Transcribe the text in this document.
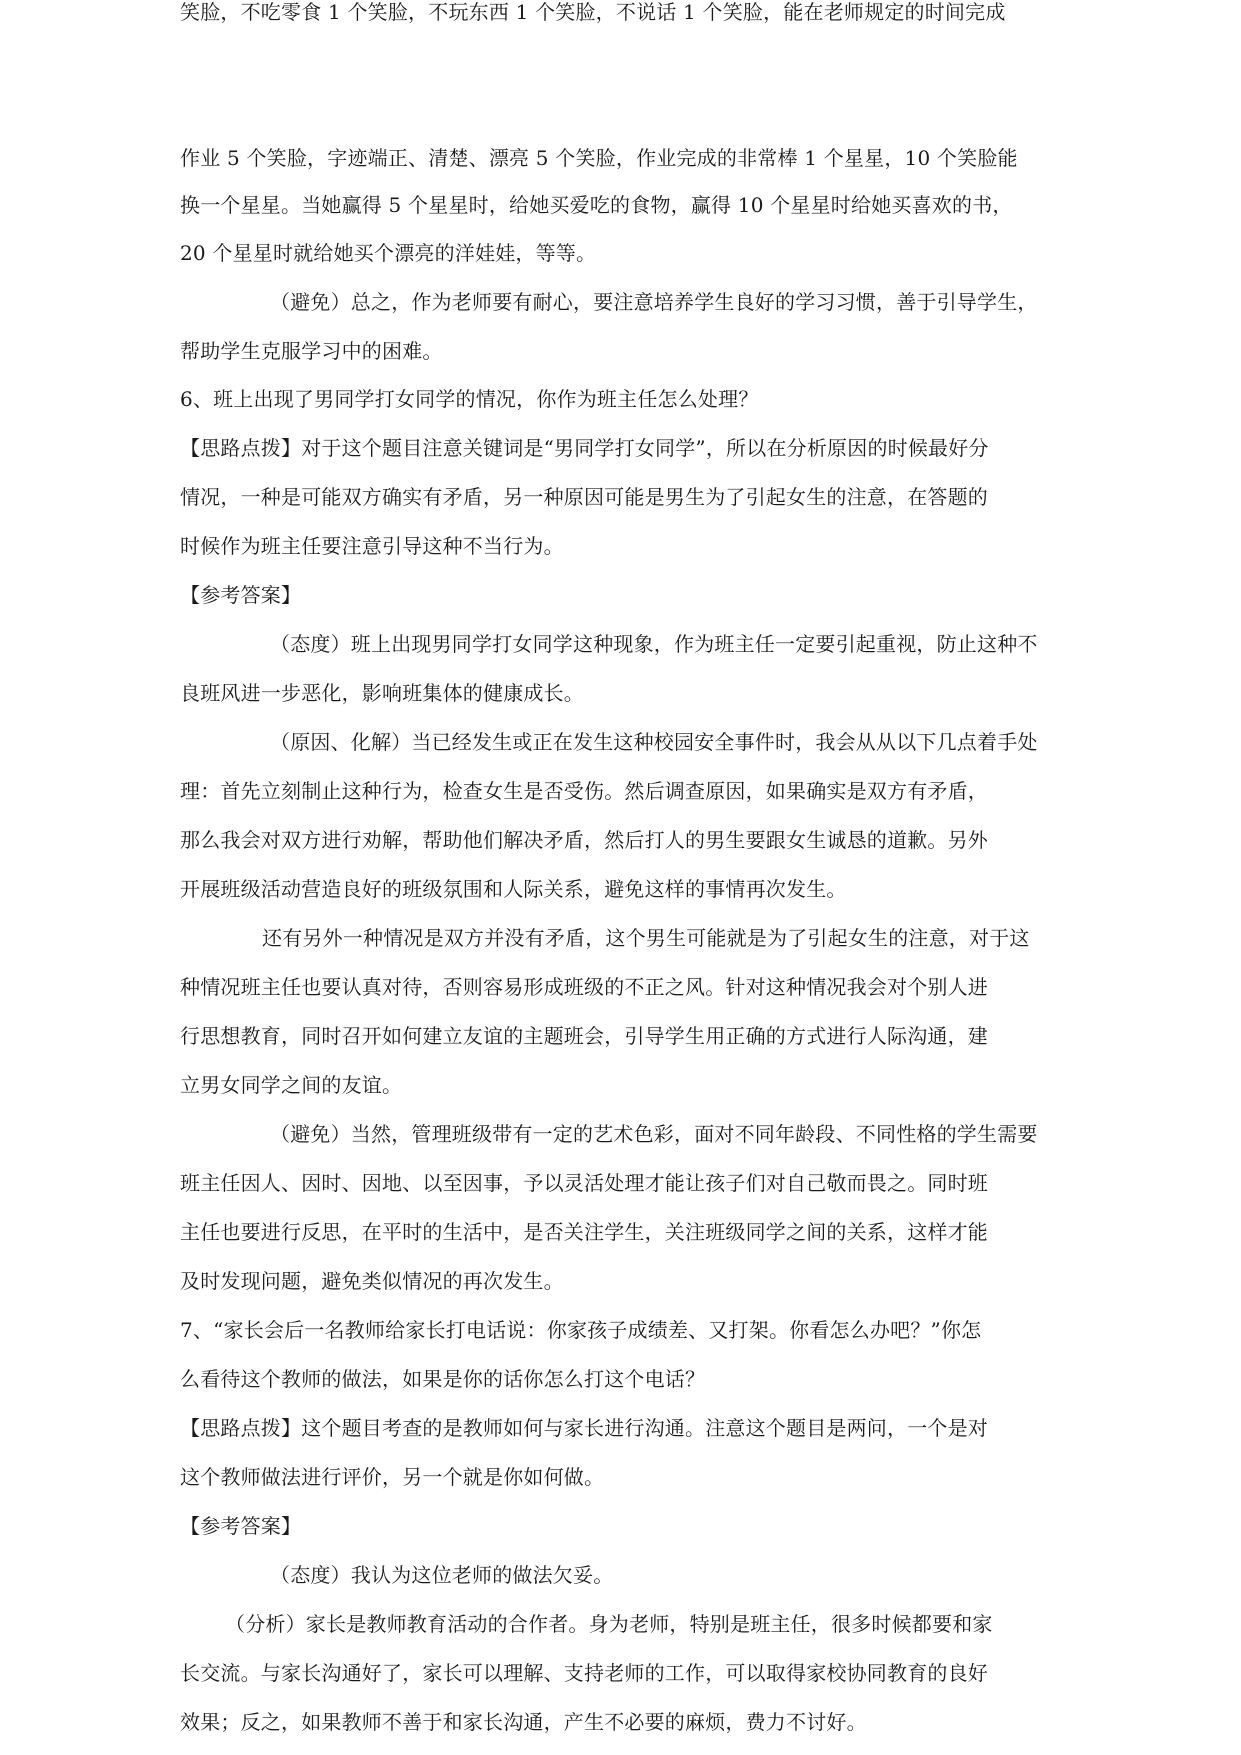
笑脸，不吃零食 1 个笑脸，不玩东西 1 个笑脸，不说话 1 个笑脸，能在老师规定的时间完成
作业 5 个笑脸，字迹端正、清楚、漂亮 5 个笑脸，作业完成的非常棒 1 个星星，10 个笑脸能
换一个星星。当她赢得 5 个星星时，给她买爱吃的食物，赢得 10 个星星时给她买喜欢的书，
20 个星星时就给她买个漂亮的洋娃娃，等等。
（避免）总之，作为老师要有耐心，要注意培养学生良好的学习习惯，善于引导学生，
帮助学生克服学习中的困难。
6、班上出现了男同学打女同学的情况，你作为班主任怎么处理？
【思路点拨】对于这个题目注意关键词是“男同学打女同学”，所以在分析原因的时候最好分
情况，一种是可能双方确实有矛盾，另一种原因可能是男生为了引起女生的注意，在答题的
时候作为班主任要注意引导这种不当行为。
【参考答案】
（态度）班上出现男同学打女同学这种现象，作为班主任一定要引起重视，防止这种不
良班风进一步恶化，影响班集体的健康成长。
（原因、化解）当已经发生或正在发生这种校园安全事件时，我会从从以下几点着手处
理：首先立刻制止这种行为，检查女生是否受伤。然后调查原因，如果确实是双方有矛盾，
那么我会对双方进行劝解，帮助他们解决矛盾，然后打人的男生要跟女生诚恳的道歉。另外
开展班级活动营造良好的班级氛围和人际关系，避免这样的事情再次发生。
还有另外一种情况是双方并没有矛盾，这个男生可能就是为了引起女生的注意，对于这
种情况班主任也要认真对待，否则容易形成班级的不正之风。针对这种情况我会对个别人进
行思想教育，同时召开如何建立友谊的主题班会，引导学生用正确的方式进行人际沟通，建
立男女同学之间的友谊。
（避免）当然，管理班级带有一定的艺术色彩，面对不同年龄段、不同性格的学生需要
班主任因人、因时、因地、以至因事，予以灵活处理才能让孩子们对自己敬而畏之。同时班
主任也要进行反思，在平时的生活中，是否关注学生，关注班级同学之间的关系，这样才能
及时发现问题，避免类似情况的再次发生。
7、“家长会后一名教师给家长打电话说：你家孩子成绩差、又打架。你看怎么办吧？”你怎
么看待这个教师的做法，如果是你的话你怎么打这个电话？
【思路点拨】这个题目考查的是教师如何与家长进行沟通。注意这个题目是两问，一个是对
这个教师做法进行评价，另一个就是你如何做。
【参考答案】
（态度）我认为这位老师的做法欠妥。
（分析）家长是教师教育活动的合作者。身为老师，特别是班主任，很多时候都要和家
长交流。与家长沟通好了，家长可以理解、支持老师的工作，可以取得家校协同教育的良好
效果；反之，如果教师不善于和家长沟通，产生不必要的麻烦，费力不讨好。
